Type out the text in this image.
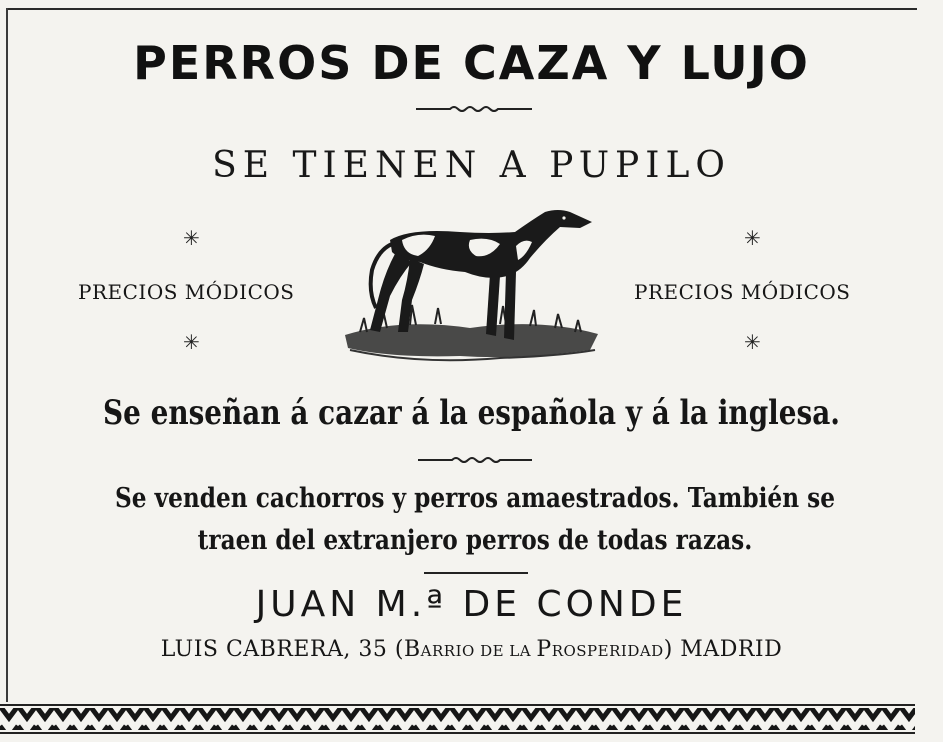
PERROS DE CAZA Y LUJO
SE TIENEN A PUPILO
✳	✳
✳	✳
PRECIOS MÓDICOS	PRECIOS MÓDICOS
Se enseñan á cazar á la española y á la inglesa.
Se venden cachorros y perros amaestrados. También se traen del extranjero perros de todas razas.
JUAN M.ª DE CONDE
LUIS CABRERA, 35 (BARRIO DE LA PROSPERIDAD) MADRID
